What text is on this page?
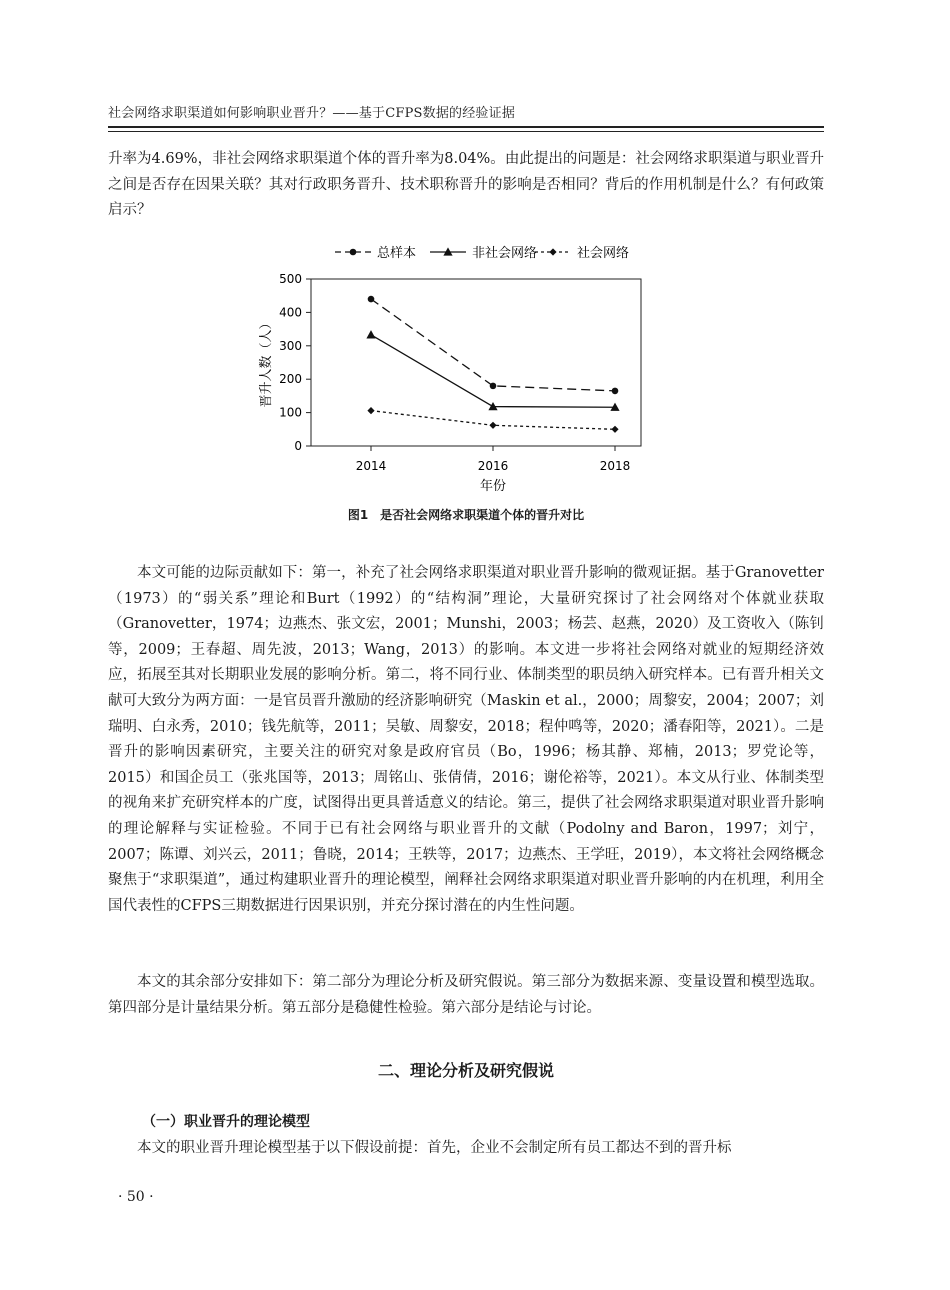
社会网络求职渠道如何影响职业晋升？——基于CFPS数据的经验证据

升率为4.69%，非社会网络求职渠道个体的晋升率为8.04%。由此提出的问题是：社会网络求职渠道与职业晋升之间是否存在因果关联？其对行政职务晋升、技术职称晋升的影响是否相同？背后的作用机制是什么？有何政策启示？

总样本	非社会网络	社会网络
0
100
200
300
400
500
2014	2016	2018
晋升人数（人）
年份
图1　是否社会网络求职渠道个体的晋升对比

本文可能的边际贡献如下：第一，补充了社会网络求职渠道对职业晋升影响的微观证据。基于Granovetter（1973）的“弱关系”理论和Burt（1992）的“结构洞”理论，大量研究探讨了社会网络对个体就业获取（Granovetter，1974；边燕杰、张文宏，2001；Munshi，2003；杨芸、赵燕，2020）及工资收入（陈钊等，2009；王春超、周先波，2013；Wang，2013）的影响。本文进一步将社会网络对就业的短期经济效应，拓展至其对长期职业发展的影响分析。第二，将不同行业、体制类型的职员纳入研究样本。已有晋升相关文献可大致分为两方面：一是官员晋升激励的经济影响研究（Maskin et al.，2000；周黎安，2004；2007；刘瑞明、白永秀，2010；钱先航等，2011；吴敏、周黎安，2018；程仲鸣等，2020；潘春阳等，2021）。二是晋升的影响因素研究，主要关注的研究对象是政府官员（Bo，1996；杨其静、郑楠，2013；罗党论等，2015）和国企员工（张兆国等，2013；周铭山、张倩倩，2016；谢伦裕等，2021）。本文从行业、体制类型的视角来扩充研究样本的广度，试图得出更具普适意义的结论。第三，提供了社会网络求职渠道对职业晋升影响的理论解释与实证检验。不同于已有社会网络与职业晋升的文献（Podolny and Baron，1997；刘宁，2007；陈谭、刘兴云，2011；鲁晓，2014；王轶等，2017；边燕杰、王学旺，2019），本文将社会网络概念聚焦于“求职渠道”，通过构建职业晋升的理论模型，阐释社会网络求职渠道对职业晋升影响的内在机理，利用全国代表性的CFPS三期数据进行因果识别，并充分探讨潜在的内生性问题。

本文的其余部分安排如下：第二部分为理论分析及研究假说。第三部分为数据来源、变量设置和模型选取。第四部分是计量结果分析。第五部分是稳健性检验。第六部分是结论与讨论。

二、理论分析及研究假说
（一）职业晋升的理论模型

本文的职业晋升理论模型基于以下假设前提：首先，企业不会制定所有员工都达不到的晋升标

· 50 ·
